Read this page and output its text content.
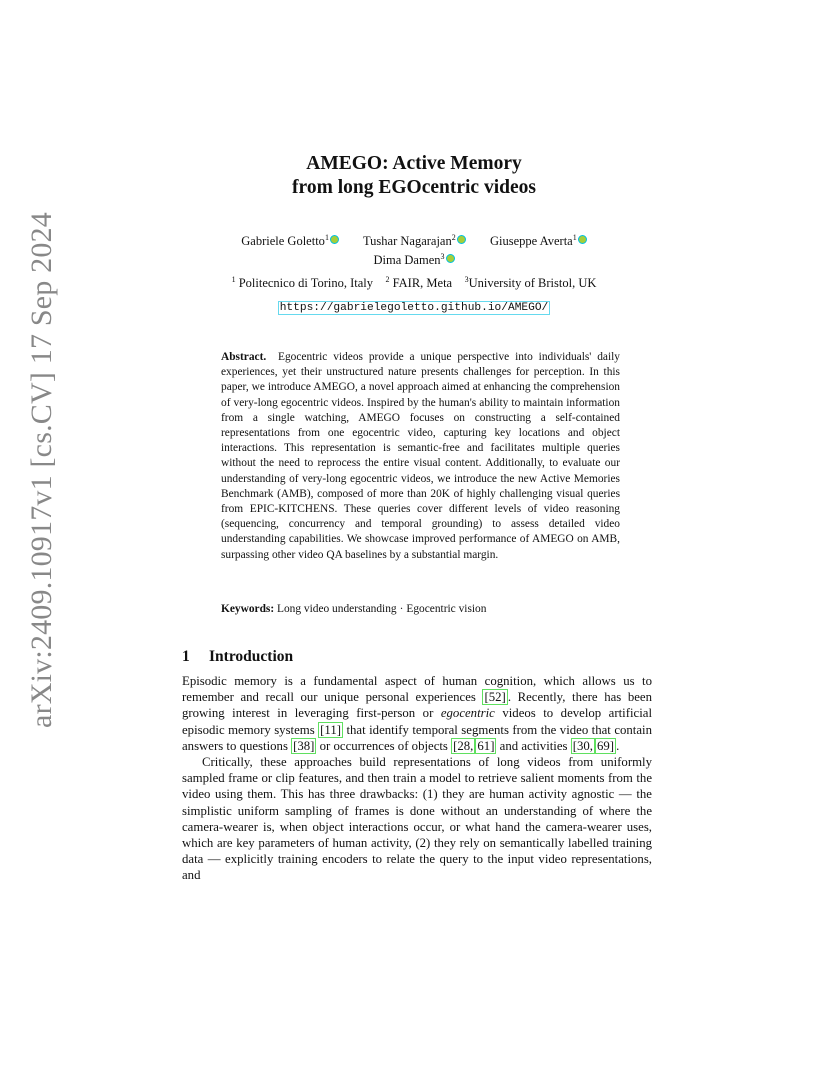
arXiv:2409.10917v1 [cs.CV] 17 Sep 2024
AMEGO: Active Memory
from long EGOcentric videos
Gabriele Goletto$^1$	Tushar Nagarajan$^2$	Giuseppe Averta$^1$
Dima Damen$^3$
$^1$ Politecnico di Torino, Italy $^2$ FAIR, Meta $^3$University of Bristol, UK
https://gabrielegoletto.github.io/AMEGO/
Abstract. Egocentric videos provide a unique perspective into individuals' daily experiences, yet their unstructured nature presents challenges for perception. In this paper, we introduce AMEGO, a novel approach aimed at enhancing the comprehension of very-long egocentric videos. Inspired by the human's ability to maintain information from a single watching, AMEGO focuses on constructing a self-contained representations from one egocentric video, capturing key locations and object interactions. This representation is semantic-free and facilitates multiple queries without the need to reprocess the entire visual content. Additionally, to evaluate our understanding of very-long egocentric videos, we introduce the new Active Memories Benchmark (AMB), composed of more than 20K of highly challenging visual queries from EPIC-KITCHENS. These queries cover different levels of video reasoning (sequencing, concurrency and temporal grounding) to assess detailed video understanding capabilities. We showcase improved performance of AMEGO on AMB, surpassing other video QA baselines by a substantial margin.
Keywords: Long video understanding · Egocentric vision
1 Introduction

Episodic memory is a fundamental aspect of human cognition, which allows us to remember and recall our unique personal experiences [52] . Recently, there has been growing interest in leveraging first-person or egocentric videos to develop artificial episodic memory systems [11] that identify temporal segments from the video that contain answers to questions [38] or occurrences of objects [28, 61] and activities [30, 69] .

Critically, these approaches build representations of long videos from uniformly sampled frame or clip features, and then train a model to retrieve salient moments from the video using them. This has three drawbacks: (1) they are human activity agnostic — the simplistic uniform sampling of frames is done without an understanding of where the camera-wearer is, when object interactions occur, or what hand the camera-wearer uses, which are key parameters of human activity, (2) they rely on semantically labelled training data — explicitly training encoders to relate the query to the input video representations, and
